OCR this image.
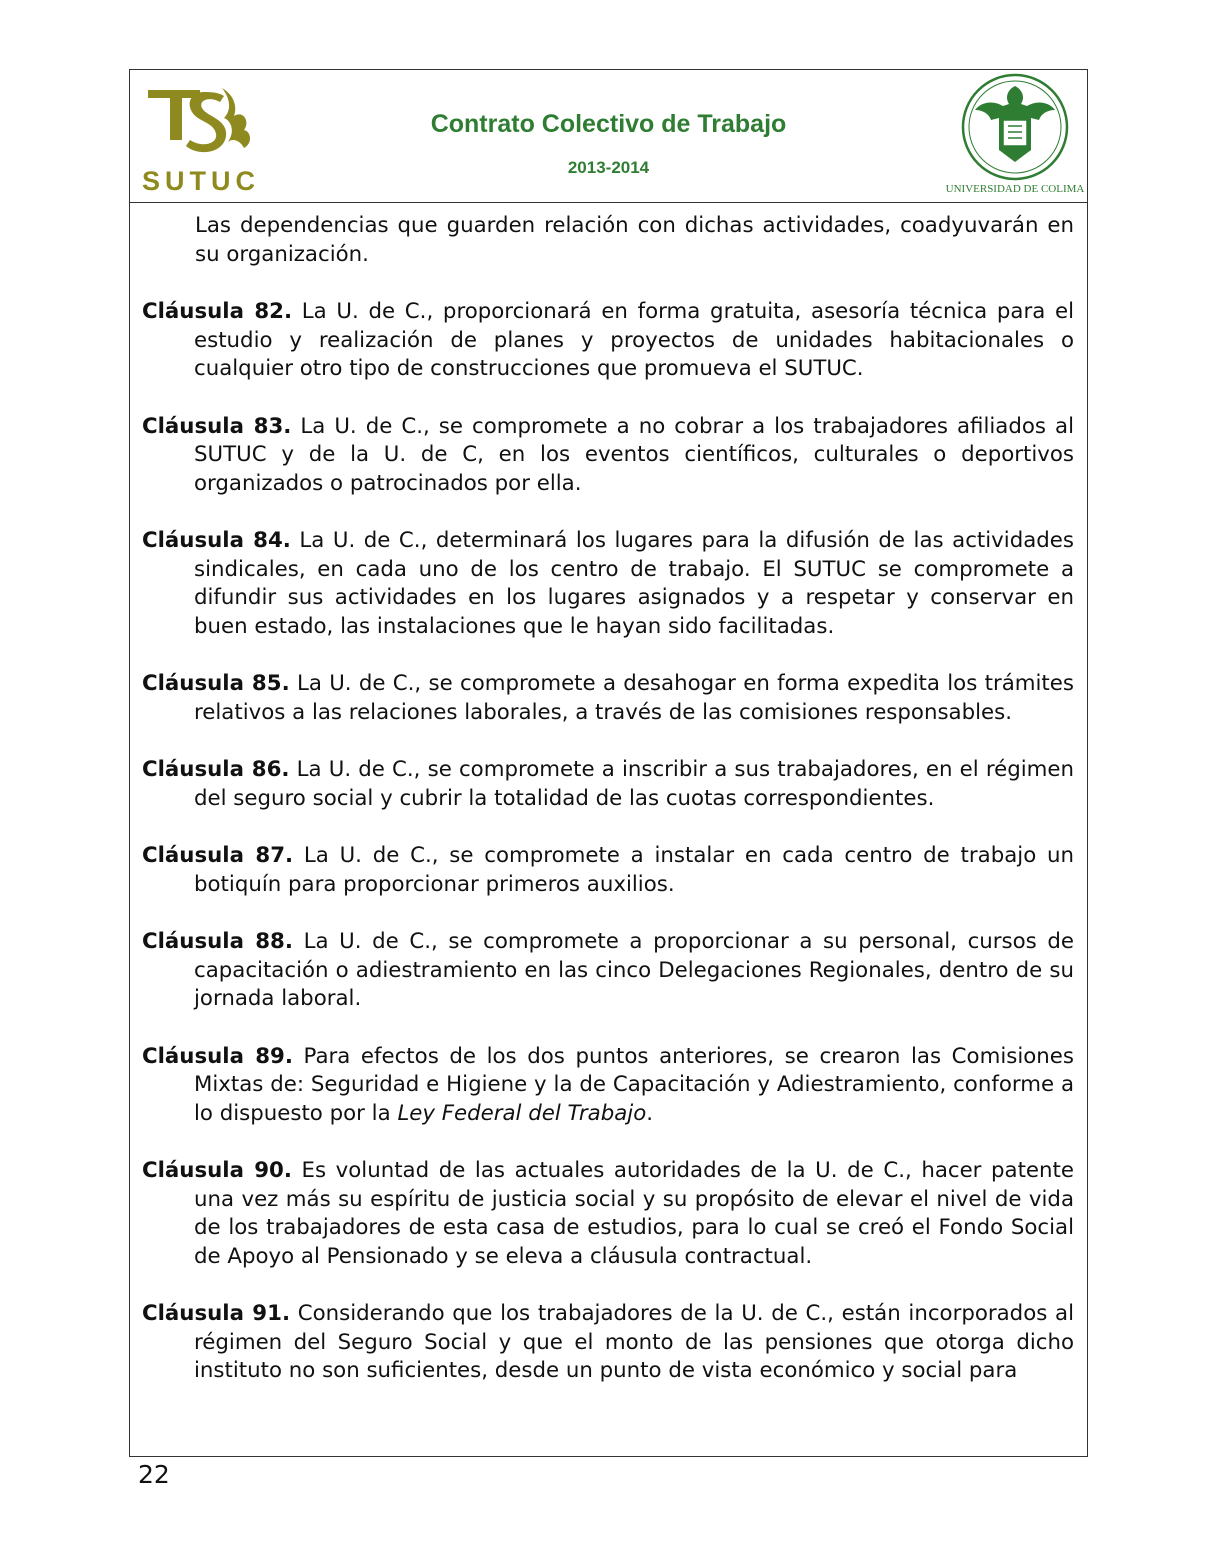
SUTUC
Contrato Colectivo de Trabajo
2013-2014
UNIVERSIDAD DE COLIMA

Las dependencias que guarden relación con dichas actividades, coadyuvarán en su organización.

Cláusula 82. La U. de C., proporcionará en forma gratuita, asesoría técnica para el estudio y realización de planes y proyectos de unidades habitacionales o cualquier otro tipo de construcciones que promueva el SUTUC.

Cláusula 83. La U. de C., se compromete a no cobrar a los trabajadores afiliados al SUTUC y de la U. de C, en los eventos científicos, culturales o deportivos organizados o patrocinados por ella.

Cláusula 84. La U. de C., determinará los lugares para la difusión de las actividades sindicales, en cada uno de los centro de trabajo. El SUTUC se compromete a difundir sus actividades en los lugares asignados y a respetar y conservar en buen estado, las instalaciones que le hayan sido facilitadas.

Cláusula 85. La U. de C., se compromete a desahogar en forma expedita los trámites relativos a las relaciones laborales, a través de las comisiones responsables.

Cláusula 86. La U. de C., se compromete a inscribir a sus trabajadores, en el régimen del seguro social y cubrir la totalidad de las cuotas correspondientes.

Cláusula 87. La U. de C., se compromete a instalar en cada centro de trabajo un botiquín para proporcionar primeros auxilios.

Cláusula 88. La U. de C., se compromete a proporcionar a su personal, cursos de capacitación o adiestramiento en las cinco Delegaciones Regionales, dentro de su jornada laboral.

Cláusula 89. Para efectos de los dos puntos anteriores, se crearon las Comisiones Mixtas de: Seguridad e Higiene y la de Capacitación y Adiestramiento, conforme a lo dispuesto por la Ley Federal del Trabajo.

Cláusula 90. Es voluntad de las actuales autoridades de la U. de C., hacer patente una vez más su espíritu de justicia social y su propósito de elevar el nivel de vida de los trabajadores de esta casa de estudios, para lo cual se creó el Fondo Social de Apoyo al Pensionado y se eleva a cláusula contractual.

Cláusula 91. Considerando que los trabajadores de la U. de C., están incorporados al régimen del Seguro Social y que el monto de las pensiones que otorga dicho instituto no son suficientes, desde un punto de vista económico y social para

22
